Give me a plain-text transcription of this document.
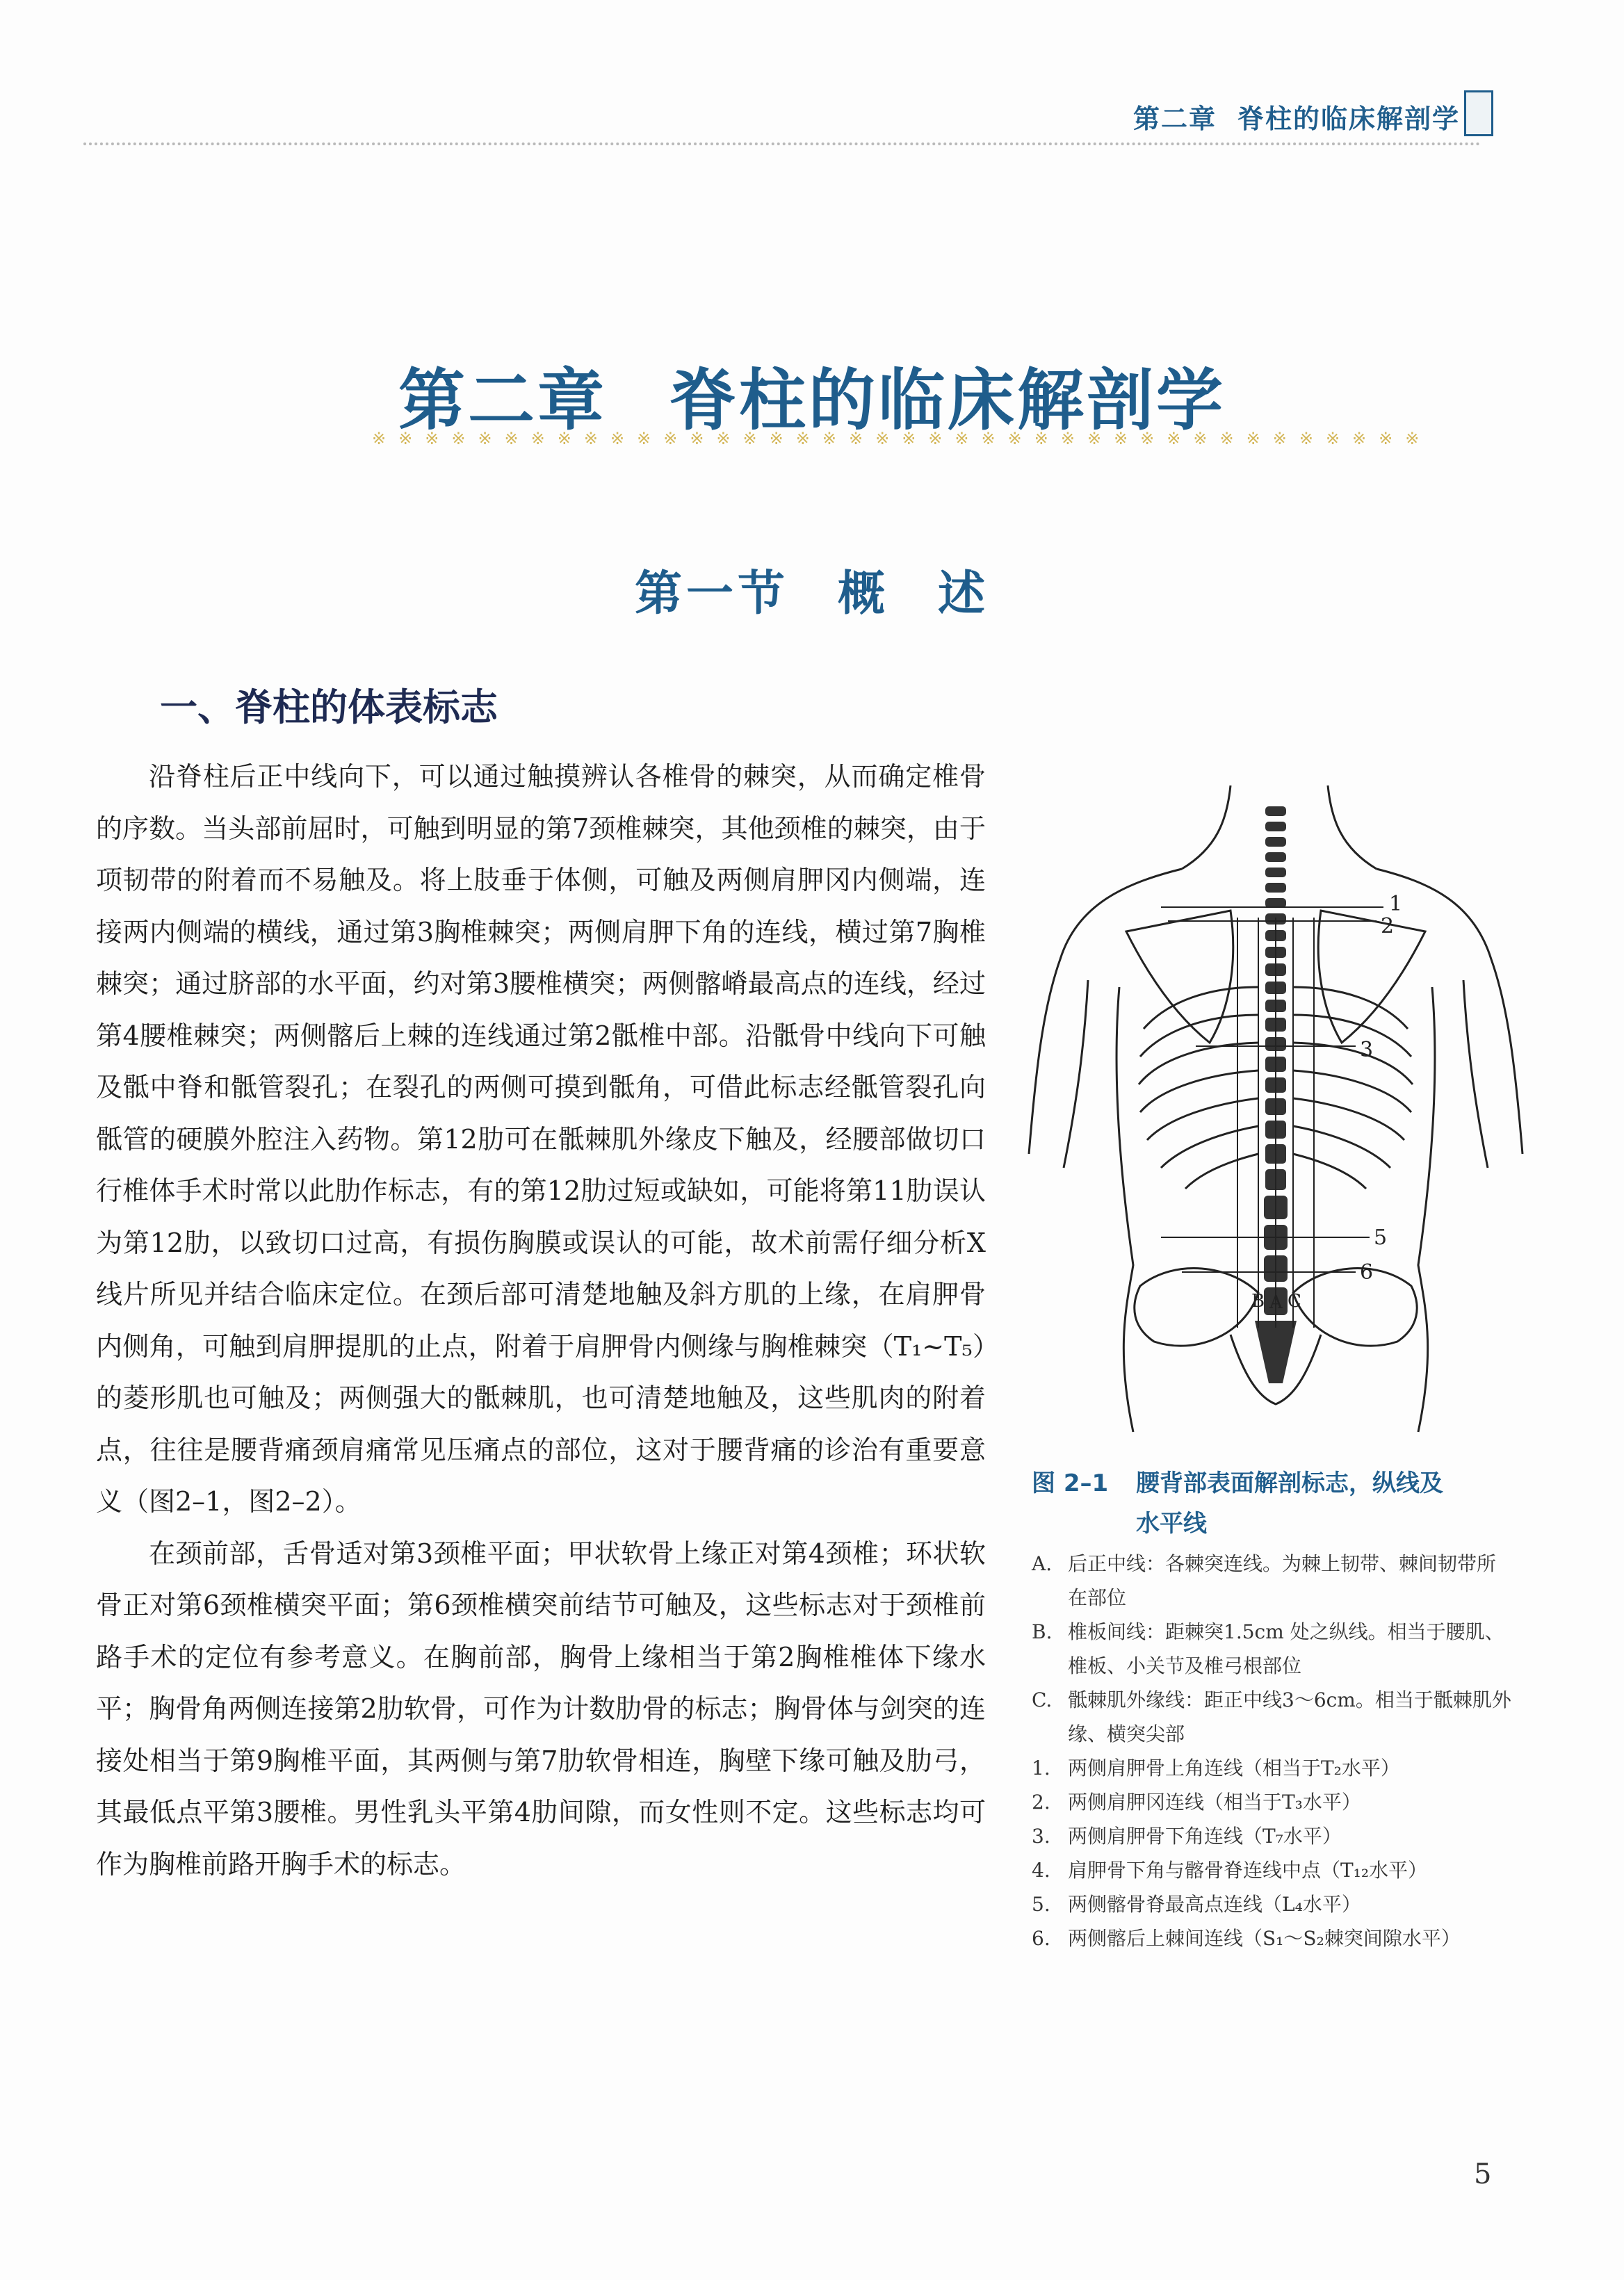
第二章 脊柱的临床解剖学
第二章 脊柱的临床解剖学
※※※※※※※※※※※※※※※※※※※※※※※※※※※※※※※※※※※※※※※※
第一节 概 述
一、脊柱的体表标志

沿脊柱后正中线向下，可以通过触摸辨认各椎骨的棘突，从而确定椎骨的序数。当头部前屈时，可触到明显的第7颈椎棘突，其他颈椎的棘突，由于项韧带的附着而不易触及。将上肢垂于体侧，可触及两侧肩胛冈内侧端，连接两内侧端的横线，通过第3胸椎棘突；两侧肩胛下角的连线，横过第7胸椎棘突；通过脐部的水平面，约对第3腰椎横突；两侧髂嵴最高点的连线，经过第4腰椎棘突；两侧髂后上棘的连线通过第2骶椎中部。沿骶骨中线向下可触及骶中脊和骶管裂孔；在裂孔的两侧可摸到骶角，可借此标志经骶管裂孔向骶管的硬膜外腔注入药物。第12肋可在骶棘肌外缘皮下触及，经腰部做切口行椎体手术时常以此肋作标志，有的第12肋过短或缺如，可能将第11肋误认为第12肋，以致切口过高，有损伤胸膜或误认的可能，故术前需仔细分析X线片所见并结合临床定位。在颈后部可清楚地触及斜方肌的上缘，在肩胛骨内侧角，可触到肩胛提肌的止点，附着于肩胛骨内侧缘与胸椎棘突（T₁~T₅）的菱形肌也可触及；两侧强大的骶棘肌，也可清楚地触及，这些肌肉的附着点，往往是腰背痛颈肩痛常见压痛点的部位，这对于腰背痛的诊治有重要意义（图2–1，图2–2）。

在颈前部，舌骨适对第3颈椎平面；甲状软骨上缘正对第4颈椎；环状软骨正对第6颈椎横突平面；第6颈椎横突前结节可触及，这些标志对于颈椎前路手术的定位有参考意义。在胸前部，胸骨上缘相当于第2胸椎椎体下缘水平；胸骨角两侧连接第2肋软骨，可作为计数肋骨的标志；胸骨体与剑突的连接处相当于第9胸椎平面，其两侧与第7肋软骨相连，胸壁下缘可触及肋弓，其最低点平第3腰椎。男性乳头平第4肋间隙，而女性则不定。这些标志均可作为胸椎前路开胸手术的标志。

1
2
3
5
6
B A C
图 2–1 腰背部表面解剖标志，纵线及
水平线
A. 后正中线：各棘突连线。为棘上韧带、棘间韧带所在部位
B. 椎板间线：距棘突1.5cm 处之纵线。相当于腰肌、椎板、小关节及椎弓根部位
C. 骶棘肌外缘线：距正中线3～6cm。相当于骶棘肌外缘、横突尖部
1. 两侧肩胛骨上角连线（相当于T₂水平）
2. 两侧肩胛冈连线（相当于T₃水平）
3. 两侧肩胛骨下角连线（T₇水平）
4. 肩胛骨下角与髂骨脊连线中点（T₁₂水平）
5. 两侧髂骨脊最高点连线（L₄水平）
6. 两侧髂后上棘间连线（S₁～S₂棘突间隙水平）
5
